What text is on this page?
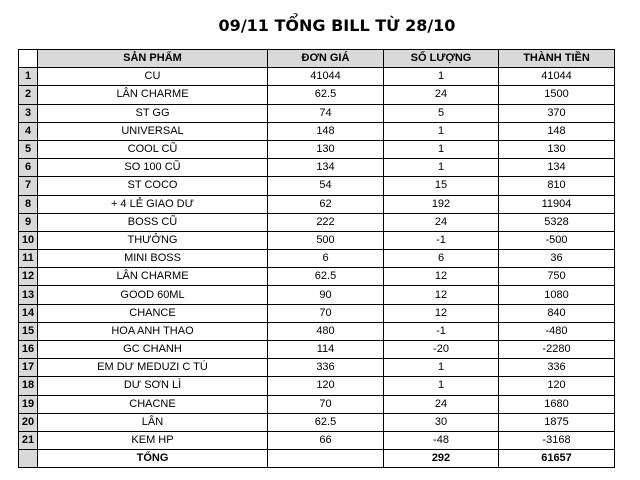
09/11 TỔNG BILL TỪ 28/10
	SẢN PHẨM	ĐƠN GIÁ	SỐ LƯỢNG	THÀNH TIỀN
1	CU	41044	1	41044
2	LÂN CHARME	62.5	24	1500
3	ST GG	74	5	370
4	UNIVERSAL	148	1	148
5	COOL CŨ	130	1	130
6	SO 100 CŨ	134	1	134
7	ST COCO	54	15	810
8	+ 4 LẺ GIAO DƯ	62	192	11904
9	BOSS CŨ	222	24	5328
10	THƯỞNG	500	-1	-500
11	MINI BOSS	6	6	36
12	LÂN CHARME	62.5	12	750
13	GOOD 60ML	90	12	1080
14	CHANCE	70	12	840
15	HOA ANH THAO	480	-1	-480
16	GC CHANH	114	-20	-2280
17	EM DƯ MEDUZI C TÚ	336	1	336
18	DƯ SƠN LÌ	120	1	120
19	CHACNE	70	24	1680
20	LÂN	62.5	30	1875
21	KEM HP	66	-48	-3168
	TỔNG		292	61657
